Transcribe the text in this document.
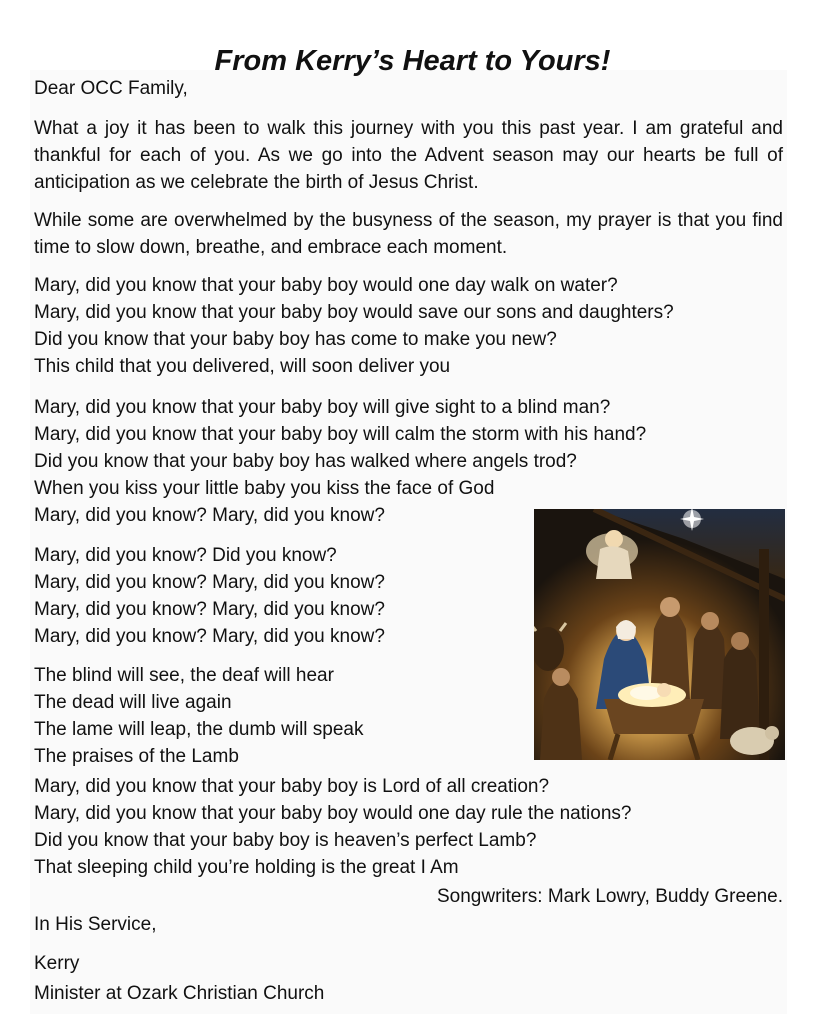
From Kerry’s Heart to Yours!

Dear OCC Family,

What a joy it has been to walk this journey with you this past year. I am grateful and thankful for each of you. As we go into the Advent season may our hearts be full of anticipation as we celebrate the birth of Jesus Christ.

While some are overwhelmed by the busyness of the season, my prayer is that you find time to slow down, breathe, and embrace each moment.

Mary, did you know that your baby boy would one day walk on water?

Mary, did you know that your baby boy would save our sons and daughters?

Did you know that your baby boy has come to make you new?

This child that you delivered, will soon deliver you

Mary, did you know that your baby boy will give sight to a blind man?

Mary, did you know that your baby boy will calm the storm with his hand?

Did you know that your baby boy has walked where angels trod?

When you kiss your little baby you kiss the face of God

Mary, did you know? Mary, did you know?

Mary, did you know? Did you know?

Mary, did you know? Mary, did you know?

Mary, did you know? Mary, did you know?

Mary, did you know? Mary, did you know?

The blind will see, the deaf will hear

The dead will live again

The lame will leap, the dumb will speak

The praises of the Lamb

Mary, did you know that your baby boy is Lord of all creation?

Mary, did you know that your baby boy would one day rule the nations?

Did you know that your baby boy is heaven’s perfect Lamb?

That sleeping child you’re holding is the great I Am

Songwriters: Mark Lowry, Buddy Greene.

In His Service,

Kerry

Minister at Ozark Christian Church
